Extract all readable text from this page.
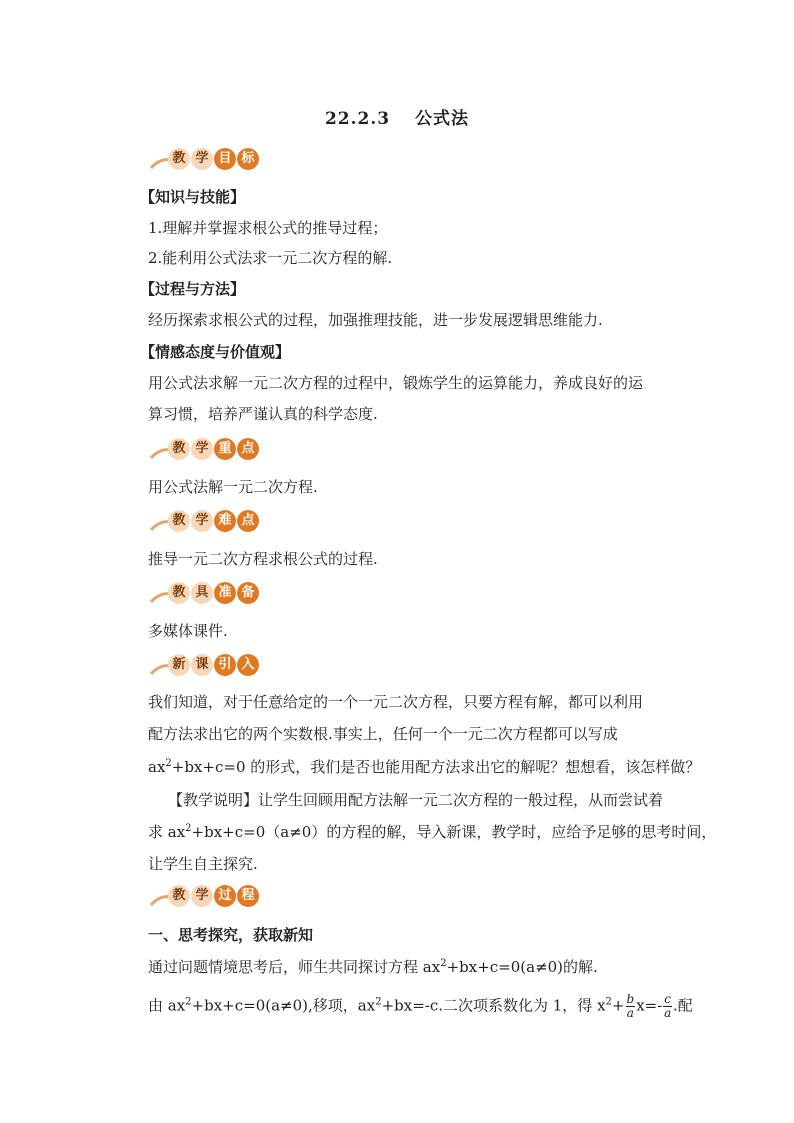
22.2.3　 公式法
教 学 目 标
【知识与技能】
1.理解并掌握求根公式的推导过程；
2.能利用公式法求一元二次方程的解.
【过程与方法】
经历探索求根公式的过程，加强推理技能，进一步发展逻辑思维能力.
【情感态度与价值观】
用公式法求解一元二次方程的过程中，锻炼学生的运算能力，养成良好的运
算习惯，培养严谨认真的科学态度.
教 学 重 点
用公式法解一元二次方程.
教 学 难 点
推导一元二次方程求根公式的过程.
教 具 准 备
多媒体课件.
新 课 引 入
我们知道，对于任意给定的一个一元二次方程，只要方程有解，都可以利用
配方法求出它的两个实数根.事实上，任何一个一元二次方程都可以写成
$ax^2+bx+c=0$ 的形式，我们是否也能用配方法求出它的解呢？想想看，该怎样做？
【教学说明】让学生回顾用配方法解一元二次方程的一般过程，从而尝试着
求 $ax^2+bx+c=0(a\ne 0)$的方程的解，导入新课，教学时，应给予足够的思考时间，
让学生自主探究.
教 学 过 程
一、思考探究，获取新知
通过问题情境思考后，师生共同探讨方程 $ax^2+bx+c=0(a\ne 0)$的解.
由 $ax^2+bx+c=0(a\ne 0)$,移项，$ax^2+bx=-c$.二次项系数化为 1，得 $x^2+ \frac{b}{a} x=- \frac{c}{a}$ .配
